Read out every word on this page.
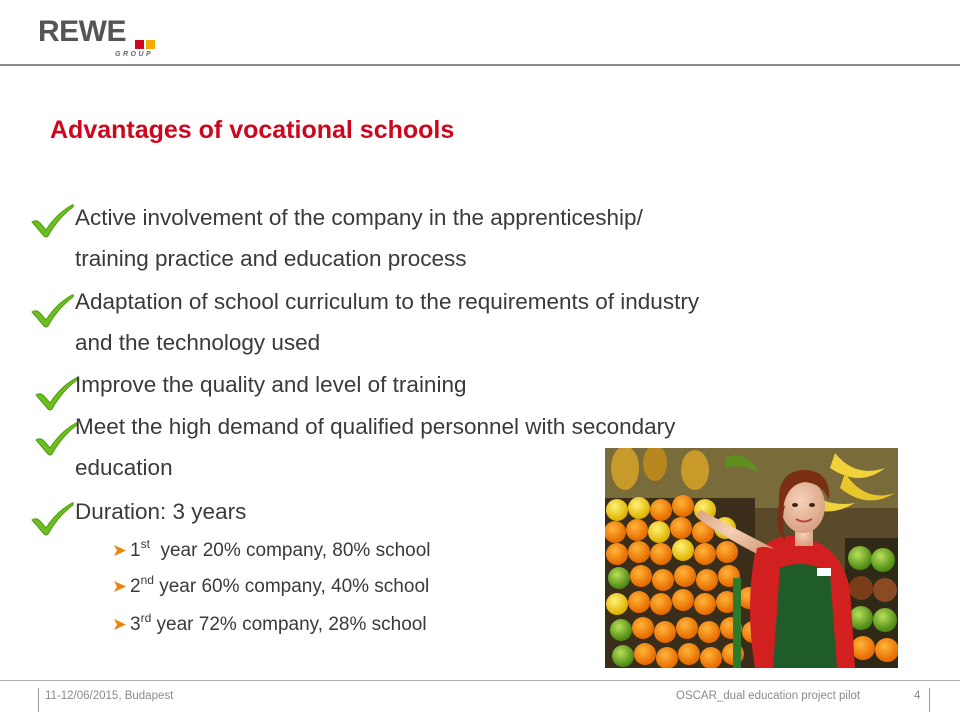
REWE
GROUP
Advantages of vocational schools
Active involvement of the company in the apprenticeship/
training practice and education process
Adaptation of school curriculum to the requirements of industry
and the technology used
Improve the quality and level of training
Meet the high demand of qualified personnel with secondary
education
Duration: 3 years
1st  year 20% company, 80% school
2nd year 60% company, 40% school
3rd year 72% company, 28% school
11-12/06/2015, Budapest	OSCAR_dual education project pilot	4
